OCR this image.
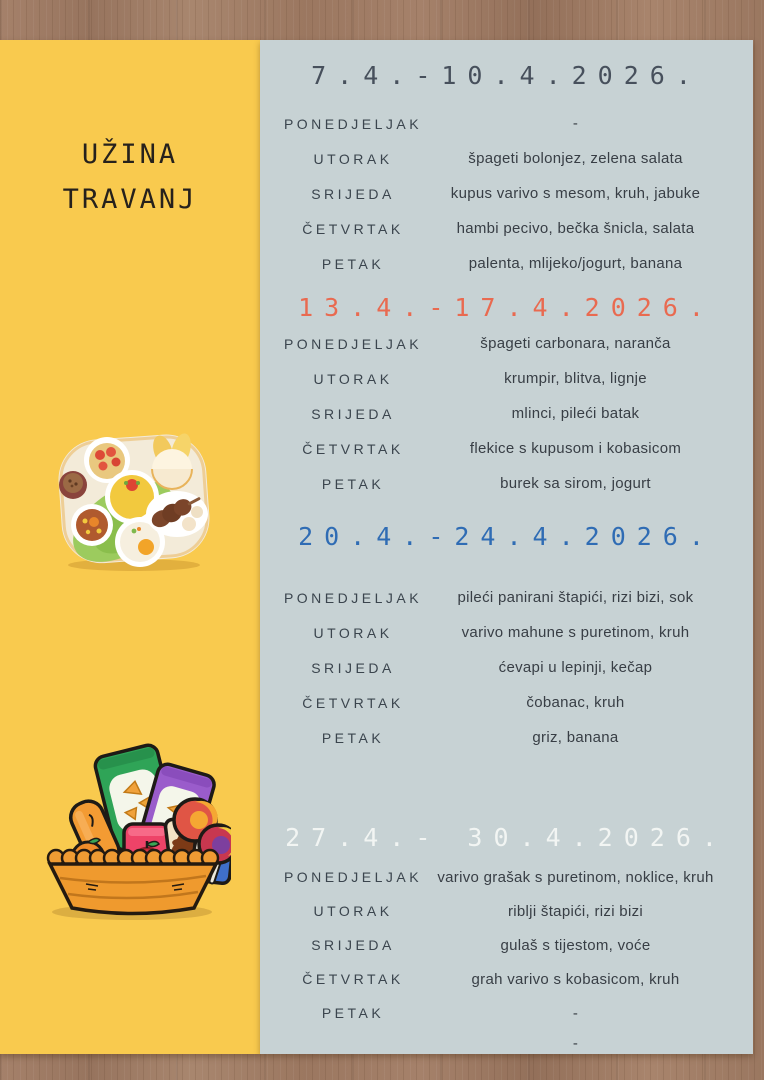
UŽINA
TRAVANJ
7.4.-10.4.2026.
PONEDJELJAK	-
UTORAK	špageti bolonjez, zelena salata
SRIJEDA	kupus varivo s mesom, kruh, jabuke
ČETVRTAK	hambi pecivo, bečka šnicla, salata
PETAK	palenta, mlijeko/jogurt, banana
13.4.-17.4.2026.
PONEDJELJAK	špageti carbonara, naranča
UTORAK	krumpir, blitva, lignje
SRIJEDA	mlinci, pileći batak
ČETVRTAK	flekice s kupusom i kobasicom
PETAK	burek sa sirom, jogurt
20.4.-24.4.2026.
PONEDJELJAK	pileći panirani štapići, rizi bizi, sok
UTORAK	varivo mahune s puretinom, kruh
SRIJEDA	ćevapi u lepinji, kečap
ČETVRTAK	čobanac, kruh
PETAK	griz, banana
27.4.- 30.4.2026.
PONEDJELJAK	varivo grašak s puretinom, noklice, kruh
UTORAK	riblji štapići, rizi bizi
SRIJEDA	gulaš s tijestom, voće
ČETVRTAK	grah varivo s kobasicom, kruh
PETAK	-
-
